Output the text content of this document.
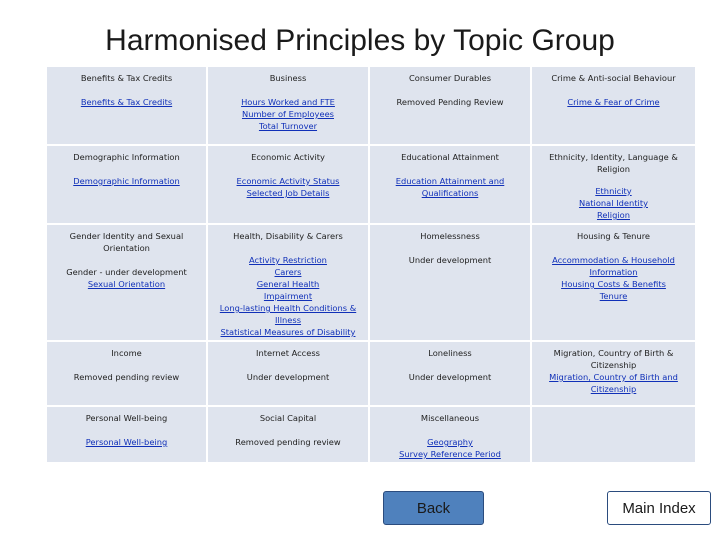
Harmonised Principles by Topic Group
Benefits & Tax Credits
Benefits & Tax Credits
Business
Hours Worked and FTE
Number of Employees
Total Turnover
Consumer Durables
Removed Pending Review
Crime & Anti-social Behaviour
Crime & Fear of Crime
Demographic Information
Demographic Information
Economic Activity
Economic Activity Status
Selected Job Details
Educational Attainment
Education Attainment and Qualifications
Ethnicity, Identity, Language & Religion
Ethnicity
National Identity
Religion
Gender Identity and Sexual Orientation
Gender - under development
Sexual Orientation
Health, Disability & Carers
Activity Restriction
Carers
General Health
Impairment
Long-lasting Health Conditions & Illness
Statistical Measures of Disability
Homelessness
Under development
Housing & Tenure
Accommodation & Household Information
Housing Costs & Benefits
Tenure
Income
Removed pending review
Internet Access
Under development
Loneliness
Under development
Migration, Country of Birth & Citizenship
Migration, Country of Birth and Citizenship
Personal Well-being
Personal Well-being
Social Capital
Removed pending review
Miscellaneous
Geography
Survey Reference Period
Back	Main Index
